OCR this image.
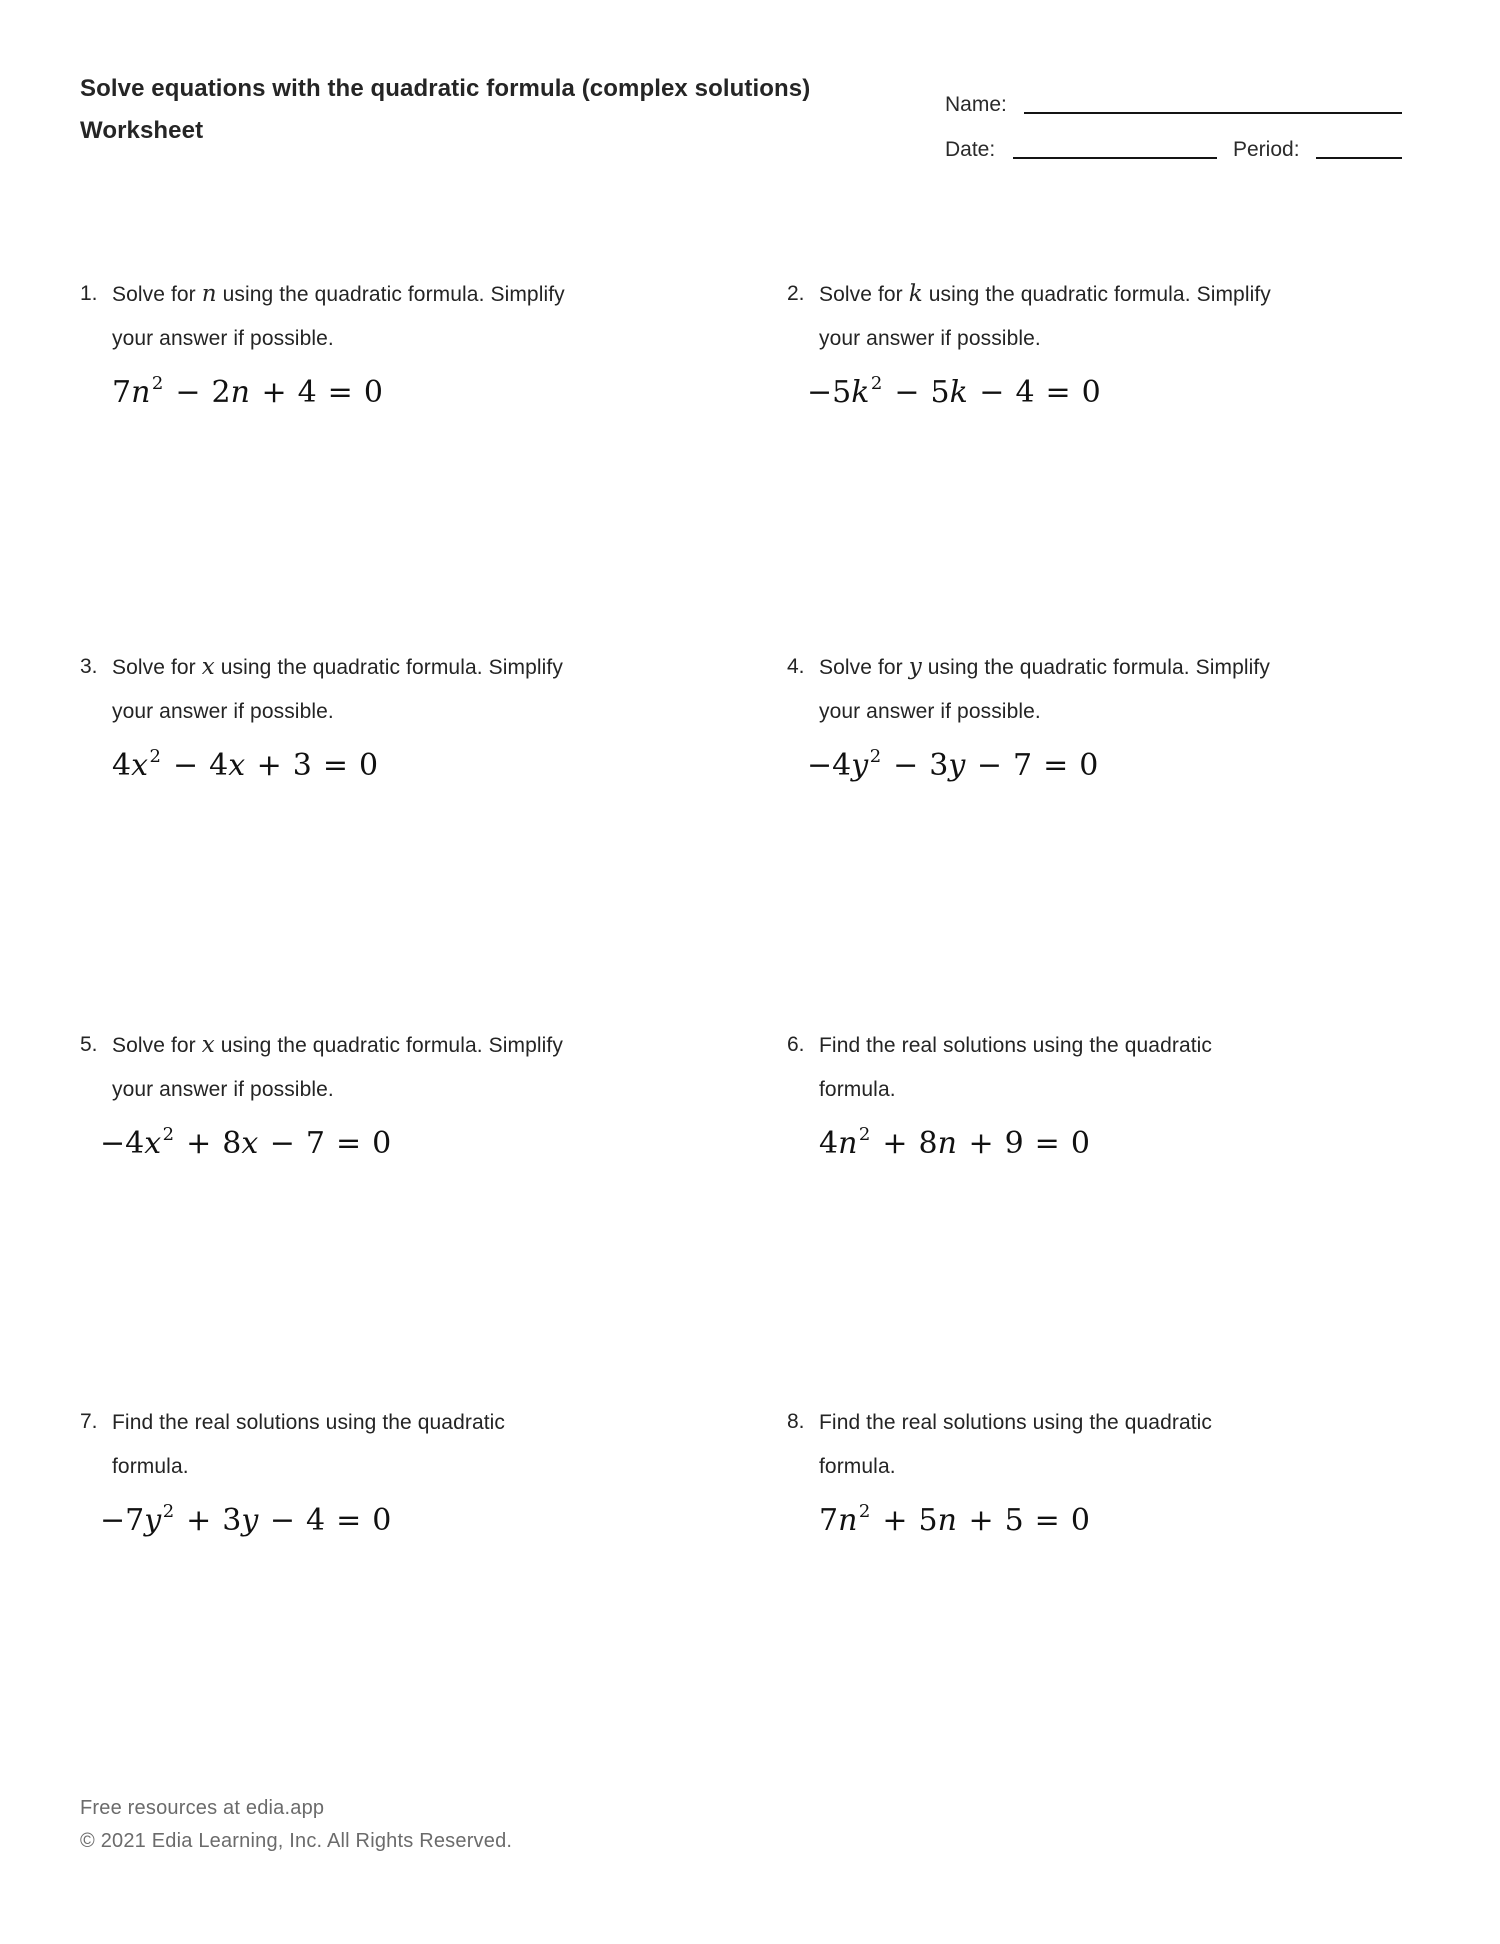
Solve equations with the quadratic formula (complex solutions)
Worksheet
Name:
Date:	Period:
1. Solve for n using the quadratic formula. Simplify
your answer if possible.
$7n^2 - 2n + 4 = 0$
2. Solve for k using the quadratic formula. Simplify
your answer if possible.
$-5k^2 - 5k - 4 = 0$
3. Solve for x using the quadratic formula. Simplify
your answer if possible.
$4x^2 - 4x + 3 = 0$
4. Solve for y using the quadratic formula. Simplify
your answer if possible.
$-4y^2 - 3y - 7 = 0$
5. Solve for x using the quadratic formula. Simplify
your answer if possible.
$-4x^2 + 8x - 7 = 0$
6. Find the real solutions using the quadratic
formula.
$4n^2 + 8n + 9 = 0$
7. Find the real solutions using the quadratic
formula.
$-7y^2 + 3y - 4 = 0$
8. Find the real solutions using the quadratic
formula.
$7n^2 + 5n + 5 = 0$
Free resources at edia.app
© 2021 Edia Learning, Inc. All Rights Reserved.
